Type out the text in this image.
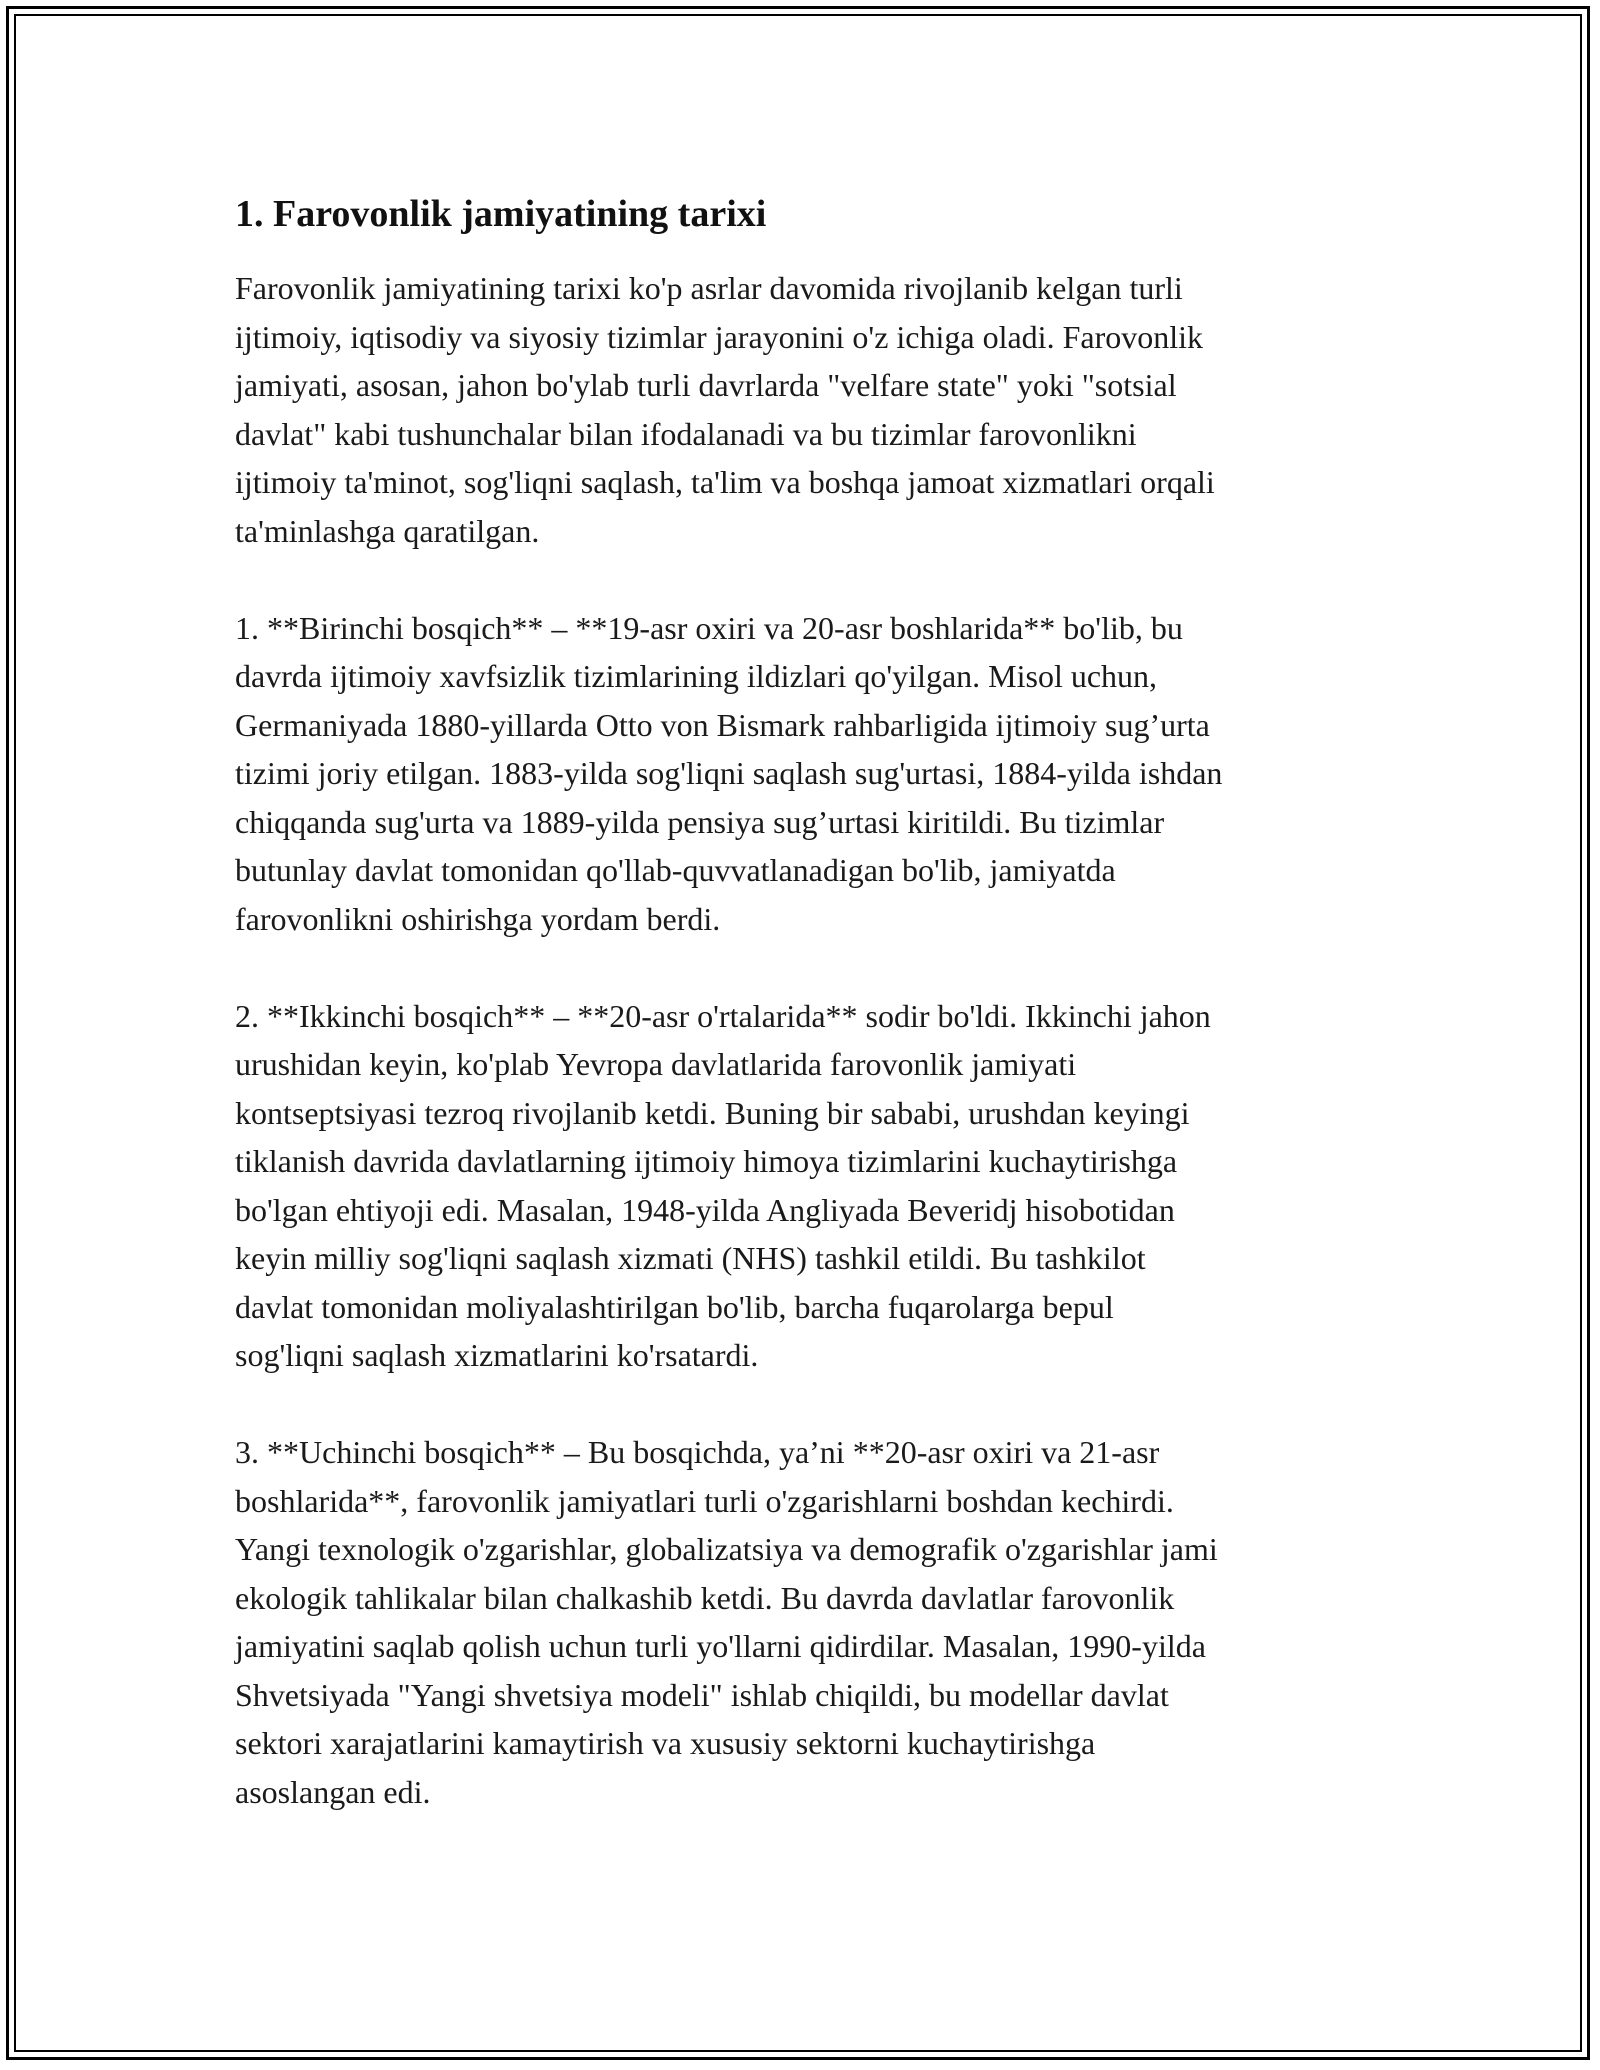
1. Farovonlik jamiyatining tarixi

Farovonlik jamiyatining tarixi ko'p asrlar davomida rivojlanib kelgan turli
ijtimoiy, iqtisodiy va siyosiy tizimlar jarayonini o'z ichiga oladi. Farovonlik
jamiyati, asosan, jahon bo'ylab turli davrlarda "velfare state" yoki "sotsial
davlat" kabi tushunchalar bilan ifodalanadi va bu tizimlar farovonlikni
ijtimoiy ta'minot, sog'liqni saqlash, ta'lim va boshqa jamoat xizmatlari orqali
ta'minlashga qaratilgan.

1. **Birinchi bosqich** – **19-asr oxiri va 20-asr boshlarida** bo'lib, bu
davrda ijtimoiy xavfsizlik tizimlarining ildizlari qo'yilgan. Misol uchun,
Germaniyada 1880-yillarda Otto von Bismark rahbarligida ijtimoiy sug’urta
tizimi joriy etilgan. 1883-yilda sog'liqni saqlash sug'urtasi, 1884-yilda ishdan
chiqqanda sug'urta va 1889-yilda pensiya sug’urtasi kiritildi. Bu tizimlar
butunlay davlat tomonidan qo'llab-quvvatlanadigan bo'lib, jamiyatda
farovonlikni oshirishga yordam berdi.

2. **Ikkinchi bosqich** – **20-asr o'rtalarida** sodir bo'ldi. Ikkinchi jahon
urushidan keyin, ko'plab Yevropa davlatlarida farovonlik jamiyati
kontseptsiyasi tezroq rivojlanib ketdi. Buning bir sababi, urushdan keyingi
tiklanish davrida davlatlarning ijtimoiy himoya tizimlarini kuchaytirishga
bo'lgan ehtiyoji edi. Masalan, 1948-yilda Angliyada Beveridj hisobotidan
keyin milliy sog'liqni saqlash xizmati (NHS) tashkil etildi. Bu tashkilot
davlat tomonidan moliyalashtirilgan bo'lib, barcha fuqarolarga bepul
sog'liqni saqlash xizmatlarini ko'rsatardi.

3. **Uchinchi bosqich** – Bu bosqichda, ya’ni **20-asr oxiri va 21-asr
boshlarida**, farovonlik jamiyatlari turli o'zgarishlarni boshdan kechirdi.
Yangi texnologik o'zgarishlar, globalizatsiya va demografik o'zgarishlar jami
ekologik tahlikalar bilan chalkashib ketdi. Bu davrda davlatlar farovonlik
jamiyatini saqlab qolish uchun turli yo'llarni qidirdilar. Masalan, 1990-yilda
Shvetsiyada "Yangi shvetsiya modeli" ishlab chiqildi, bu modellar davlat
sektori xarajatlarini kamaytirish va xususiy sektorni kuchaytirishga
asoslangan edi.
